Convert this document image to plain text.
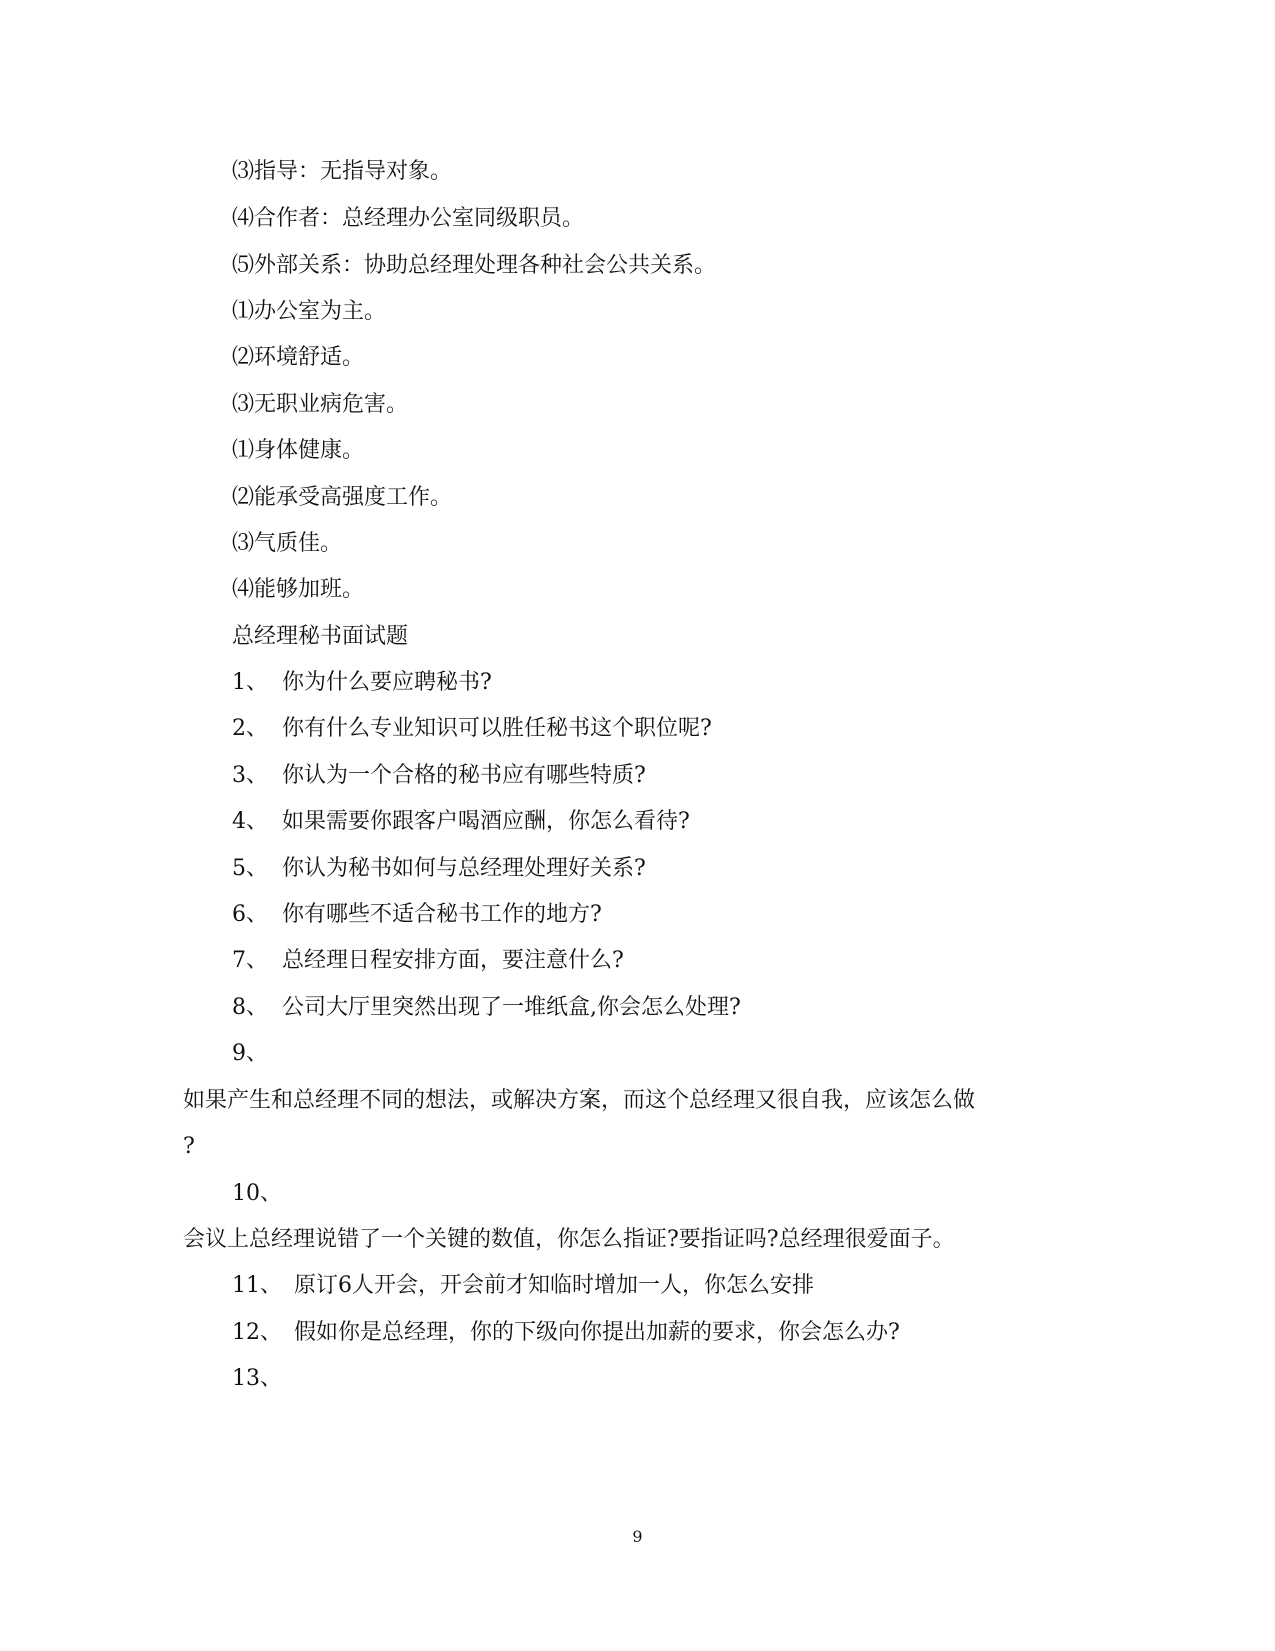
⑶指导：无指导对象。
⑷合作者：总经理办公室同级职员。
⑸外部关系：协助总经理处理各种社会公共关系。
⑴办公室为主。
⑵环境舒适。
⑶无职业病危害。
⑴身体健康。
⑵能承受高强度工作。
⑶气质佳。
⑷能够加班。
总经理秘书面试题
1、 你为什么要应聘秘书?
2、 你有什么专业知识可以胜任秘书这个职位呢?
3、 你认为一个合格的秘书应有哪些特质?
4、 如果需要你跟客户喝酒应酬，你怎么看待?
5、 你认为秘书如何与总经理处理好关系?
6、 你有哪些不适合秘书工作的地方?
7、 总经理日程安排方面，要注意什么?
8、 公司大厅里突然出现了一堆纸盒,你会怎么处理?
9、
如果产生和总经理不同的想法，或解决方案，而这个总经理又很自我，应该怎么做
?
10、
会议上总经理说错了一个关键的数值，你怎么指证?要指证吗?总经理很爱面子。
11、 原订6人开会，开会前才知临时增加一人，你怎么安排
12、 假如你是总经理，你的下级向你提出加薪的要求，你会怎么办?
13、
9
